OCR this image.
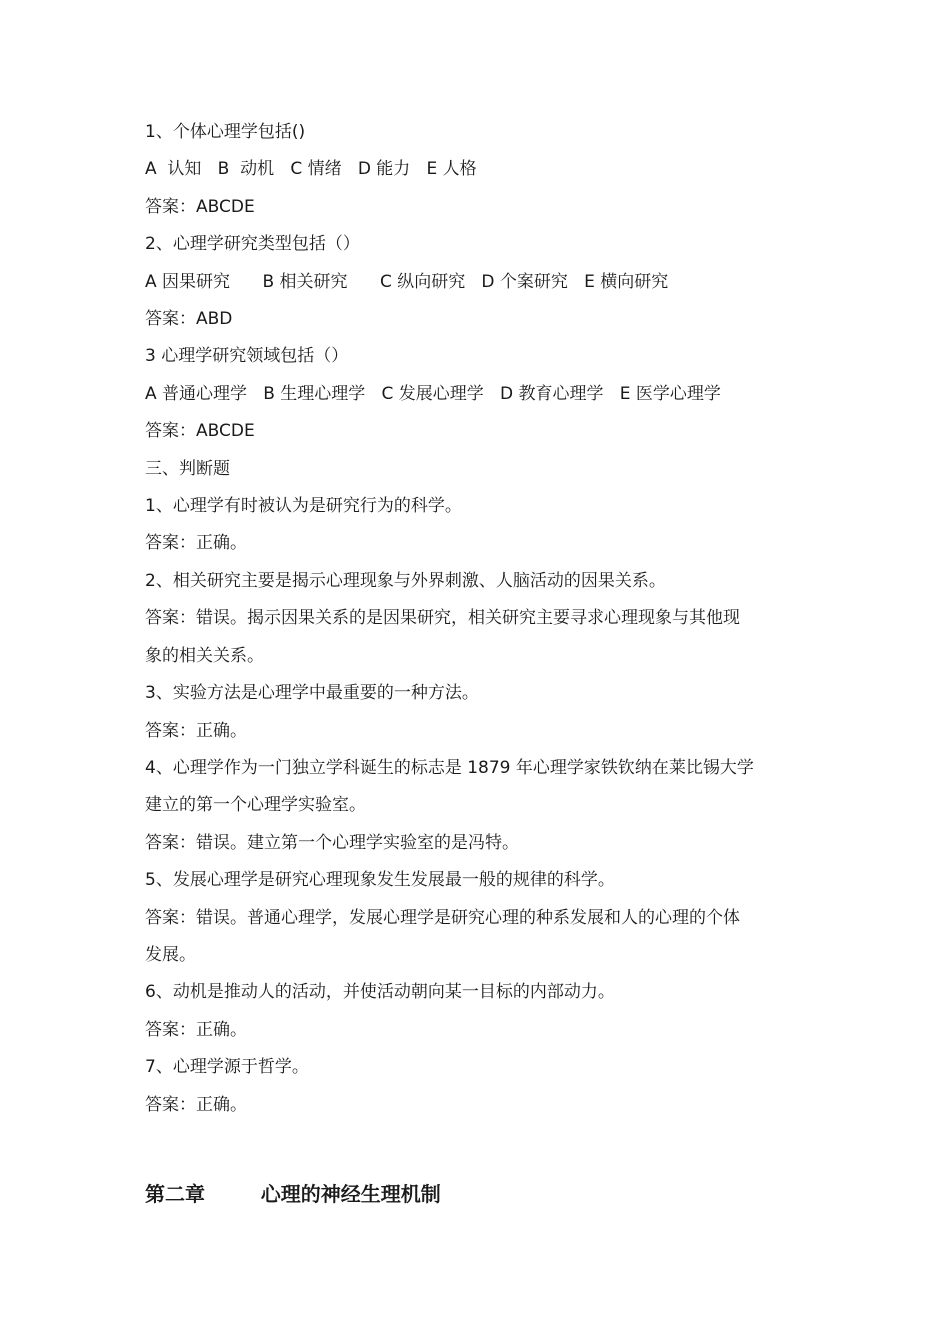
1、个体心理学包括()

A  认知   B  动机   C 情绪   D 能力   E 人格

答案：ABCDE

2、心理学研究类型包括（）

A 因果研究      B 相关研究      C 纵向研究   D 个案研究   E 横向研究

答案：ABD

3 心理学研究领域包括（）

A 普通心理学   B 生理心理学   C 发展心理学   D 教育心理学   E 医学心理学

答案：ABCDE

三、判断题

1、心理学有时被认为是研究行为的科学。

答案：正确。

2、相关研究主要是揭示心理现象与外界刺激、人脑活动的因果关系。

答案：错误。揭示因果关系的是因果研究，相关研究主要寻求心理现象与其他现

象的相关关系。

3、实验方法是心理学中最重要的一种方法。

答案：正确。

4、心理学作为一门独立学科诞生的标志是 1879 年心理学家铁钦纳在莱比锡大学

建立的第一个心理学实验室。

答案：错误。建立第一个心理学实验室的是冯特。

5、发展心理学是研究心理现象发生发展最一般的规律的科学。

答案：错误。普通心理学，发展心理学是研究心理的种系发展和人的心理的个体

发展。

6、动机是推动人的活动，并使活动朝向某一目标的内部动力。

答案：正确。

7、心理学源于哲学。

答案：正确。

第二章	心理的神经生理机制
